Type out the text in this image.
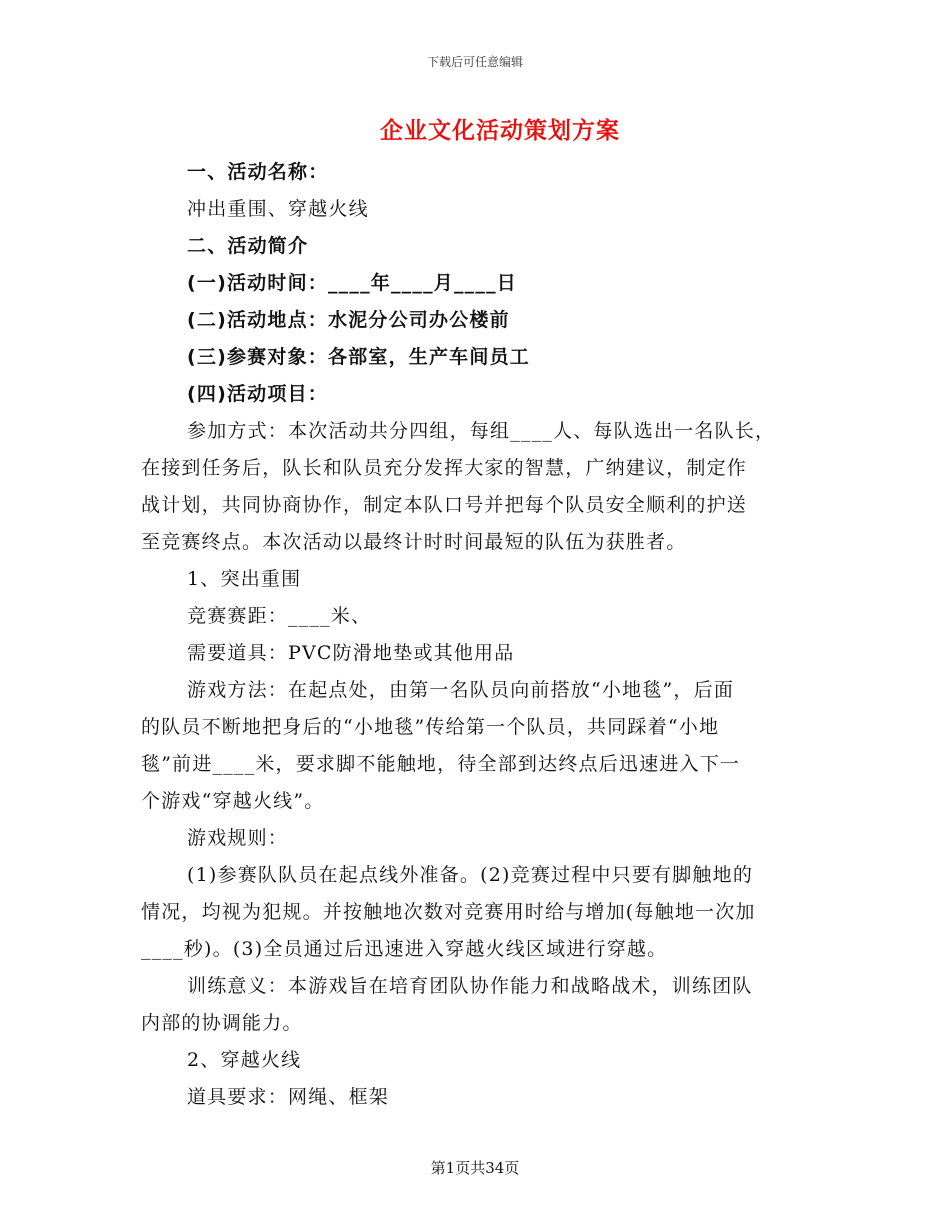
下载后可任意编辑
企业文化活动策划方案
一、活动名称：
冲出重围、穿越火线
二、活动简介
(一)活动时间：____年____月____日
(二)活动地点：水泥分公司办公楼前
(三)参赛对象：各部室，生产车间员工
(四)活动项目：
参加方式：本次活动共分四组，每组____人、每队选出一名队长，
在接到任务后，队长和队员充分发挥大家的智慧，广纳建议，制定作
战计划，共同协商协作，制定本队口号并把每个队员安全顺利的护送
至竞赛终点。本次活动以最终计时时间最短的队伍为获胜者。
1、突出重围
竞赛赛距：____米、
需要道具：PVC防滑地垫或其他用品
游戏方法：在起点处，由第一名队员向前搭放“小地毯”，后面
的队员不断地把身后的“小地毯”传给第一个队员，共同踩着“小地
毯”前进____米，要求脚不能触地，待全部到达终点后迅速进入下一
个游戏“穿越火线”。
游戏规则：
(1)参赛队队员在起点线外准备。(2)竞赛过程中只要有脚触地的
情况，均视为犯规。并按触地次数对竞赛用时给与增加(每触地一次加
____秒)。(3)全员通过后迅速进入穿越火线区域进行穿越。
训练意义：本游戏旨在培育团队协作能力和战略战术，训练团队
内部的协调能力。
2、穿越火线
道具要求：网绳、框架
第1页共34页
